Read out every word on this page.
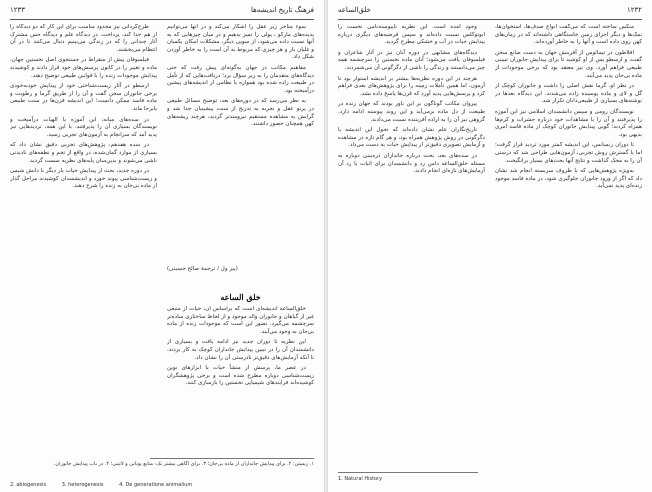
١٢٣٣	فرهنگ تاریخ اندیشه‌ها

سوء متاخر زیر عقل را آشکار می‌کند و در آنها می‌توانیم پدیده‌های مارکو ـ پولی را تمیز بدهیم و در میان چیزهایی که به آنها نسبت داده می‌شود، از سویی دیگر، مشکلات امکان یکسان و غلیان بار و هر چیزی که مربوط به آن است را به خاطر آوردن شکل داد.

مفاهیم مکاتب در جهان به‌گونه‌ای پیش رفت که حتی دیدگاه‌های متقدمان را به زیر سؤال برد؛ دریافت‌هایی که از تأمل در طبیعت زاده شده بود همواره با نظامی از اندیشه‌های پیشین درآمیخته بود.

به نظر می‌رسد که در دوره‌های بعد، توضیح مسائل طبیعی در پرتو عقل و تجربه به تدریج از سنت پیشینیان جدا شد و گرایش به مشاهده مستقیم نیرومندتر گردید، هرچند ریشه‌های کهن همچنان حضور داشتند.

(پیر ول / ترجمهٔ صالح حسینی)
خلق الساعه

خلق‌الساعه اندیشه‌ای است که براساس آن، حیات از منبعی غیر از گیاهان و جانوران والد موجود و از لحاظ ساختاری ساده‌تر سرچشمه می‌گیرد. تصور این است که موجودات زنده از ماده بی‌جان به وجود می‌آیند.

این نظریه تا دوران جدید نیز ادامه یافت و بسیاری از دانشمندان آن را در تبیین پیدایش جانداران کوچک به کار بردند، تا آنکه آزمایش‌های دقیق‌تر نادرستی آن را نشان داد.

در عصر ما، پرسش از منشأ حیات با ابزارهای نوین زیست‌شناسی دوباره مطرح شده است و برخی پژوهشگران کوشیده‌اند فرایندهای شیمیایی نخستین را بازسازی کنند.

طرح‌گردانی نیز محدود مناسب برای این کار که دو دیدگاه را از هم جدا کند، پرداخت. در دیدگاه علم و دیدگاه حس مشترک آثار چندانی را که در زندگی می‌بینیم دنبال می‌کنند تا در آن انتظام می‌بخشند.

فیلسوفان پیش از سقراط در جستجوی اصل نخستین جهان، ماده و تغییر را در کانون پرسش‌های خود قرار دادند و کوشیدند پیدایش موجودات زنده را با قوانین طبیعی توضیح دهند.

ارسطو در آثار زیست‌شناختی خود از پیدایش خودبه‌خودی برخی جانوران سخن گفت و آن را از طریق گرما و رطوبت و ماده فاسد ممکن دانست؛ این اندیشه قرن‌ها در سنت طبیعی پابرجا ماند.

در سده‌های میانه، این آموزه با الهیات درآمیخت و نویسندگان بسیاری آن را پذیرفتند. با این همه، تردیدهایی نیز پدید آمد که سرانجام به آزمون‌های تجربی رسید.

در سده هفدهم، پژوهش‌های تجربی دقیق نشان داد که بسیاری از موارد گمان‌شده، در واقع از تخم و نطفه‌های نادیدنی ناشی می‌شوند و بدین‌سان پایه‌های نظریه سست گردید.

در دوره جدید، بحث از پیدایش حیات بار دیگر با دانش شیمی و زیست‌شناسی پیوند خورد و اندیشمندان کوشیدند مراحل گذار از ماده بی‌جان به زنده را شرح دهند.

١. زیستن؛ ٢. برای پیدایش جانداران از ماده بی‌جان؛ ٣. برای آگاهی بیشتر نک: منابع یونانی و لاتینی؛ ۴. در باب پیدایش جانوران.
2. abiogenesis	3. heterogenesis	4. De generatione animalium
١٢٣٢
خلق‌الساعه

منکس ساخته است که می‌گفت انواع صدف‌ها، استخوان‌ها، نمک‌ها و دیگر اجزای زمین خاستگاهی داشته‌اند که در زمان‌های کهن روی داده است و آنها را به خاطر آورده‌اند.

افلاطون در تیمائوس از آفرینش جهان به دست صانع سخن گفت، و ارسطو پس از او کوشید تا برای پیدایش جانوران تبیینی طبیعی فراهم آورد. وی نیز معتقد بود که برخی موجودات از ماده بی‌جان پدید می‌آیند.

در نظر او، گرما نقش اصلی را داشت و جانوران کوچک از گل و لای و ماده پوسیده زاده می‌شدند. این دیدگاه بعدها در نوشته‌های بسیاری از طبیعی‌دانان تکرار شد.

نویسندگان رومی و سپس دانشمندان اسلامی نیز این آموزه را پذیرفتند و آن را با مشاهدات خود درباره حشرات و کرم‌ها همراه کردند؛ گویی پیدایش جانوران کوچک از ماده فاسد امری بدیهی بود.

تا دوران رنسانس، این اندیشه کمتر مورد تردید قرار گرفت؛ اما با گسترش روش تجربی، آزمون‌هایی طراحی شد که درستی آن را به محک گذاشت و نتایج آنها بحث‌های بسیار برانگیخت.

به‌ویژه پژوهش‌هایی که با ظروف سربسته انجام شد نشان داد که اگر از ورود جانوران جلوگیری شود، در ماده فاسد موجود زنده‌ای پدید نمی‌آید.

وجود آمده است. این نظریه ناپیوسته‌نامی نخست را ابوتوکلس نسبت داده‌اند و سپس فرضیه‌های دیگری درباره پیدایش حیات در آب و خشکی مطرح گردید.

دیدگاه‌های مشابهی در دوره آنان نیز در آثار شاعران و فیلسوفان یافت می‌شود؛ آنان ماده نخستین را سرچشمه همه چیز می‌دانستند و زندگی را ناشی از دگرگونی آن می‌شمردند.

هرچند در این دوره نظریه‌ها بیشتر بر اندیشه استوار بود تا آزمون، اما همین تأملات زمینه را برای پژوهش‌های بعدی فراهم کرد و پرسش‌هایی پدید آورد که قرن‌ها پاسخ داده نشد.

پیروان مکاتب گوناگون بر این باور بودند که جهان زنده در طبیعت از دل ماده برمی‌آید و این روند پیوسته ادامه دارد. گروهی نیز آن را به اراده آفریننده نسبت می‌دادند.

تاریخ‌نگاران علم نشان داده‌اند که تحول این اندیشه با دگرگونی در روش پژوهش همراه بود، و هر گام تازه در مشاهده و آزمایش تصویری دقیق‌تر از پیدایش حیات به دست می‌داد.

در سده‌های بعد، بحث درباره جانداران ذره‌بینی دوباره به مسئله خلق‌الساعه دامن زد و دانشمندان برای اثبات یا رد آن آزمایش‌های تازه‌ای انجام دادند.

1. Natural History
